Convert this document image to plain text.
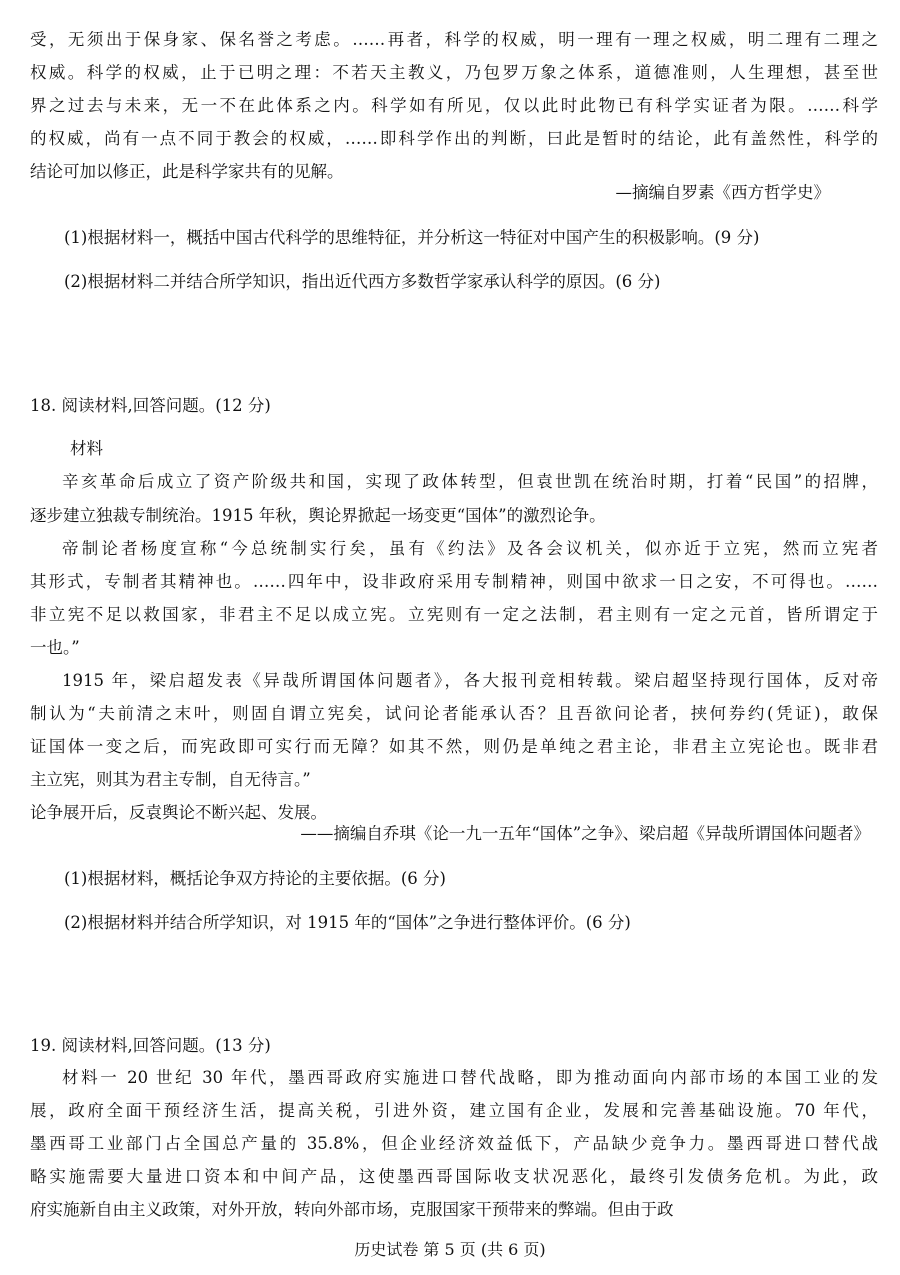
受，无须出于保身家、保名誉之考虑。……再者，科学的权威，明一理有一理之权威，明二理有二理之
权威。科学的权威，止于已明之理：不若天主教义，乃包罗万象之体系，道德准则，人生理想，甚至世
界之过去与未来，无一不在此体系之内。科学如有所见，仅以此时此物已有科学实证者为限。……科学
的权威，尚有一点不同于教会的权威，……即科学作出的判断，曰此是暂时的结论，此有盖然性，科学的
结论可加以修正，此是科学家共有的见解。
—摘编自罗素《西方哲学史》
(1)根据材料一，概括中国古代科学的思维特征，并分析这一特征对中国产生的积极影响。(9 分)
(2)根据材料二并结合所学知识，指出近代西方多数哲学家承认科学的原因。(6 分)
18. 阅读材料,回答问题。(12 分)
材料
辛亥革命后成立了资产阶级共和国，实现了政体转型，但袁世凯在统治时期，打着“民国”的招牌，
逐步建立独裁专制统治。1915 年秋，舆论界掀起一场变更“国体”的激烈论争。
帝制论者杨度宣称“今总统制实行矣，虽有《约法》及各会议机关，似亦近于立宪，然而立宪者
其形式，专制者其精神也。……四年中，设非政府采用专制精神，则国中欲求一日之安，不可得也。……
非立宪不足以救国家，非君主不足以成立宪。立宪则有一定之法制，君主则有一定之元首，皆所谓定于
一也。”
1915 年，梁启超发表《异哉所谓国体问题者》，各大报刊竞相转载。梁启超坚持现行国体，反对帝
制认为“夫前清之末叶，则固自谓立宪矣，试问论者能承认否？且吾欲问论者，挟何券约(凭证)，敢保
证国体一变之后，而宪政即可实行而无障？如其不然，则仍是单纯之君主论，非君主立宪论也。既非君
主立宪，则其为君主专制，自无待言。”
论争展开后，反袁舆论不断兴起、发展。
——摘编自乔琪《论一九一五年“国体”之争》、梁启超《异哉所谓国体问题者》
(1)根据材料，概括论争双方持论的主要依据。(6 分)
(2)根据材料并结合所学知识，对 1915 年的“国体”之争进行整体评价。(6 分)
19. 阅读材料,回答问题。(13 分)
材料一 20 世纪 30 年代，墨西哥政府实施进口替代战略，即为推动面向内部市场的本国工业的发
展，政府全面干预经济生活，提高关税，引进外资，建立国有企业，发展和完善基础设施。70 年代，
墨西哥工业部门占全国总产量的 35.8%，但企业经济效益低下，产品缺少竞争力。墨西哥进口替代战
略实施需要大量进口资本和中间产品，这使墨西哥国际收支状况恶化，最终引发债务危机。为此，政
府实施新自由主义政策，对外开放，转向外部市场，克服国家干预带来的弊端。但由于政
历史试卷 第 5 页 (共 6 页)
